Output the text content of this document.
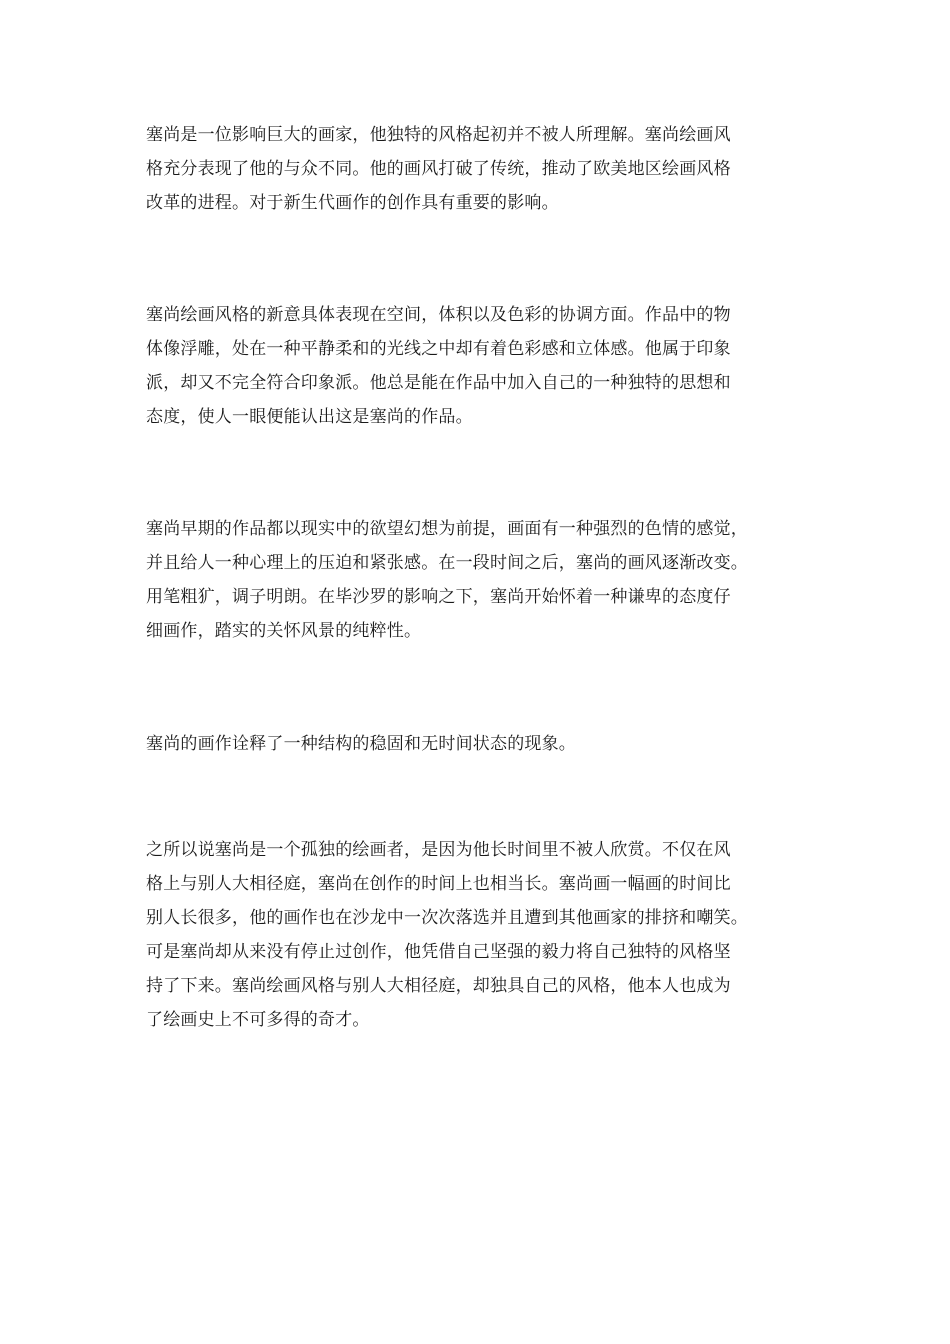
塞尚是一位影响巨大的画家，他独特的风格起初并不被人所理解。塞尚绘画风
格充分表现了他的与众不同。他的画风打破了传统，推动了欧美地区绘画风格
改革的进程。对于新生代画作的创作具有重要的影响。
塞尚绘画风格的新意具体表现在空间，体积以及色彩的协调方面。作品中的物
体像浮雕，处在一种平静柔和的光线之中却有着色彩感和立体感。他属于印象
派，却又不完全符合印象派。他总是能在作品中加入自己的一种独特的思想和
态度，使人一眼便能认出这是塞尚的作品。
塞尚早期的作品都以现实中的欲望幻想为前提，画面有一种强烈的色情的感觉，
并且给人一种心理上的压迫和紧张感。在一段时间之后，塞尚的画风逐渐改变。
用笔粗犷，调子明朗。在毕沙罗的影响之下，塞尚开始怀着一种谦卑的态度仔
细画作，踏实的关怀风景的纯粹性。
塞尚的画作诠释了一种结构的稳固和无时间状态的现象。
之所以说塞尚是一个孤独的绘画者，是因为他长时间里不被人欣赏。不仅在风
格上与别人大相径庭，塞尚在创作的时间上也相当长。塞尚画一幅画的时间比
别人长很多，他的画作也在沙龙中一次次落选并且遭到其他画家的排挤和嘲笑。
可是塞尚却从来没有停止过创作，他凭借自己坚强的毅力将自己独特的风格坚
持了下来。塞尚绘画风格与别人大相径庭，却独具自己的风格，他本人也成为
了绘画史上不可多得的奇才。
